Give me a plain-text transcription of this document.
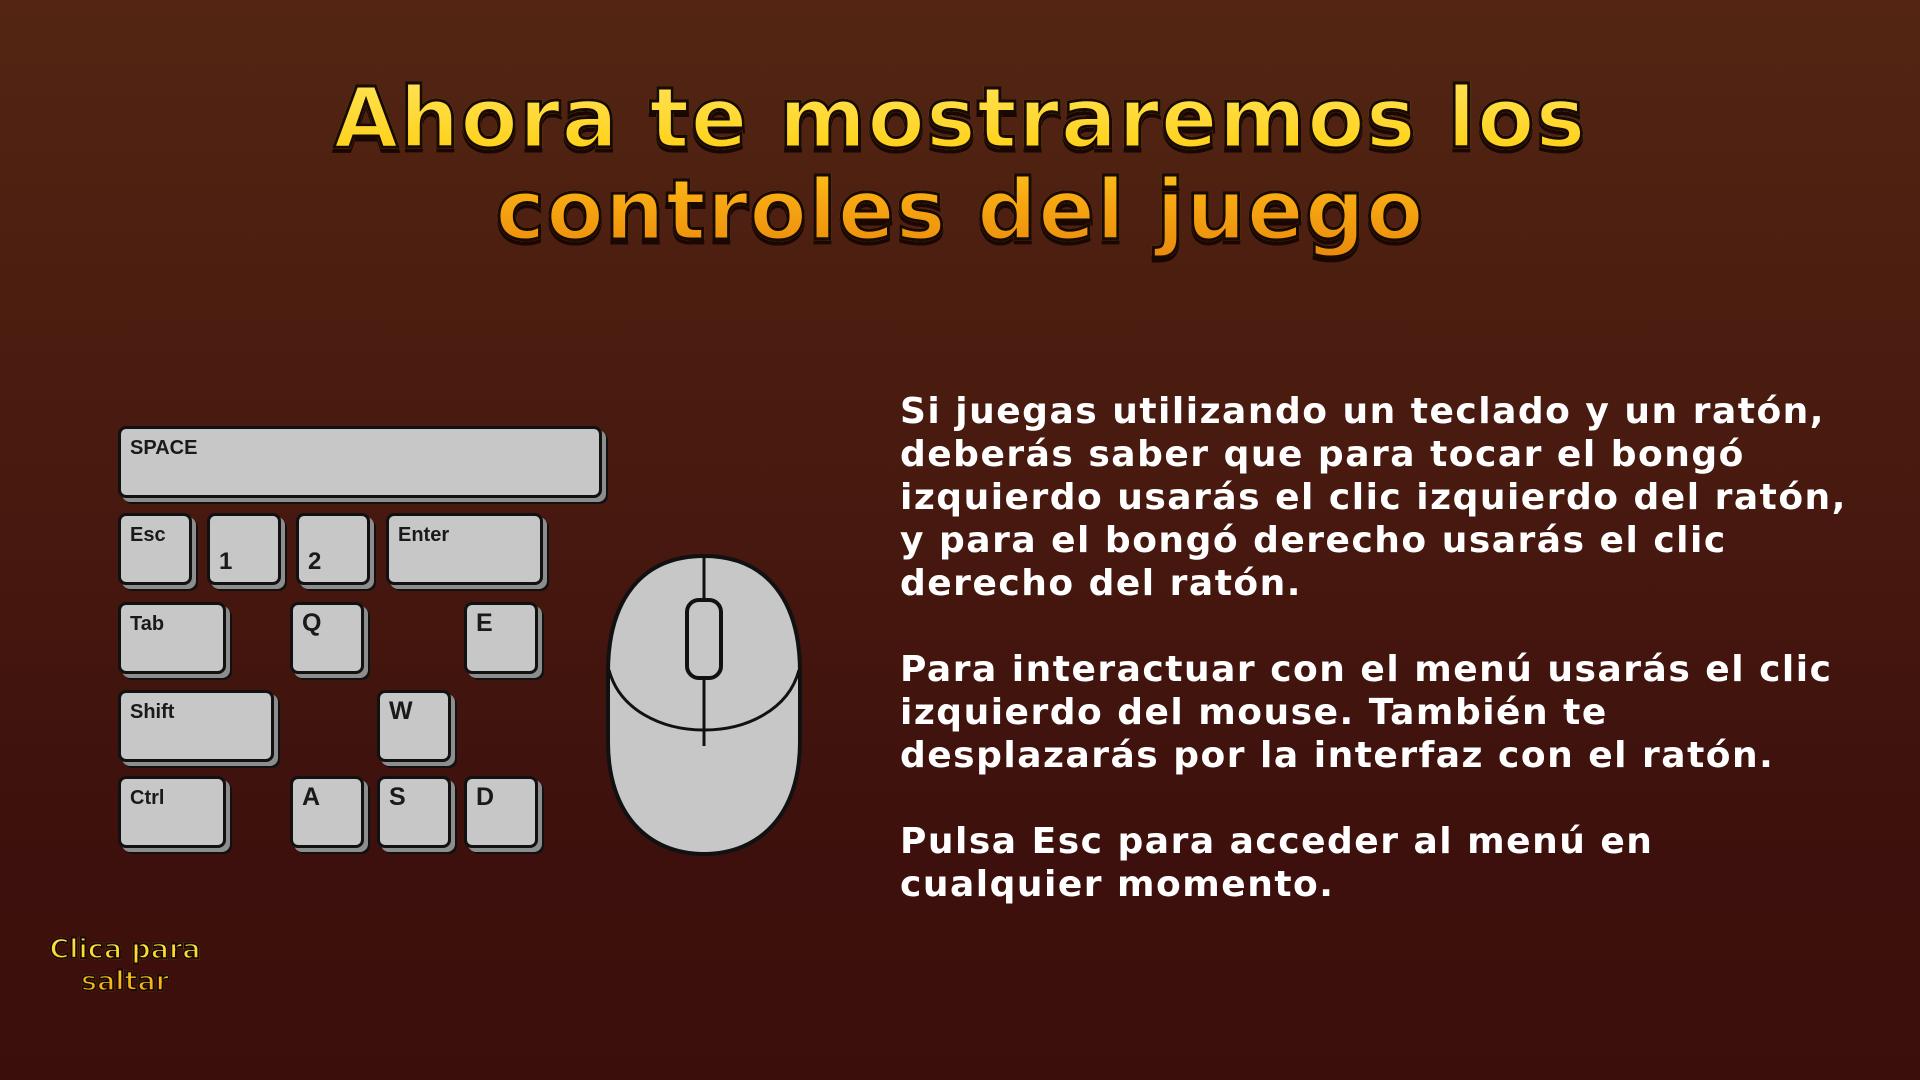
Ahora te mostraremos los controles del juego
SPACE
Esc
1	2
Enter
Tab	Q	E
Shift	W
Ctrl	A	S	D

Si juegas utilizando un teclado y un ratón, deberás saber que para tocar el bongó izquierdo usarás el clic izquierdo del ratón, y para el bongó derecho usarás el clic  derecho del ratón.

Para interactuar con el menú usarás el clic izquierdo del mouse. También te desplazarás por la interfaz con el ratón.

Pulsa Esc para acceder al menú en cualquier momento.

Clica para saltar
